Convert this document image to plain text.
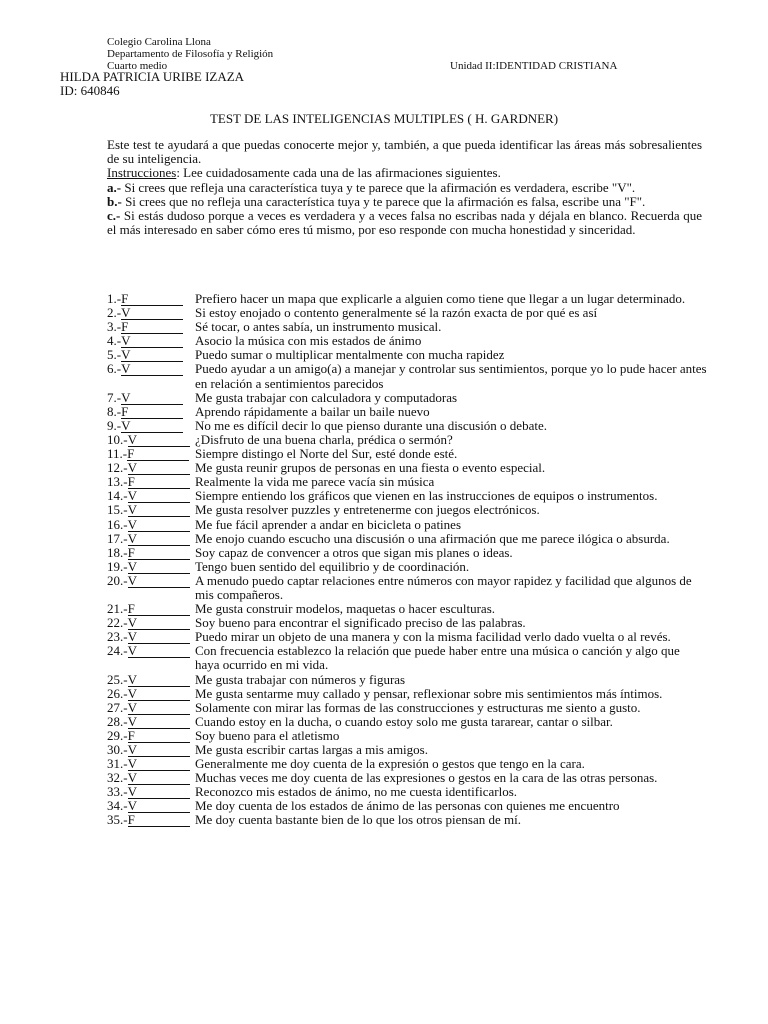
Colegio Carolina Llona
Departamento de Filosofía y Religión
Cuarto medio	Unidad II:IDENTIDAD CRISTIANA
HILDA PATRICIA URIBE IZAZA
ID: 640846
TEST DE LAS INTELIGENCIAS MULTIPLES ( H. GARDNER)

Este test te ayudará a que puedas conocerte mejor y, también, a que pueda identificar las áreas más sobresalientes de su inteligencia.

Instrucciones: Lee cuidadosamente cada una de las afirmaciones siguientes.

a.- Si crees que refleja una característica tuya y te parece que la afirmación es verdadera, escribe "V".

b.- Si crees que no refleja una característica tuya y te parece que la afirmación es falsa, escribe una "F".

c.- Si estás dudoso porque a veces es verdadera y a veces falsa no escribas nada y déjala en blanco. Recuerda que el más interesado en saber cómo eres tú mismo, por eso responde con mucha honestidad y sinceridad.

1.-F	Prefiero hacer un mapa que explicarle a alguien como tiene que llegar a un lugar determinado.
2.-V	Si estoy enojado o contento generalmente sé la razón exacta de por qué es así
3.-F	Sé tocar, o antes sabía, un instrumento musical.
4.-V	Asocio la música con mis estados de ánimo
5.-V	Puedo sumar o multiplicar mentalmente con mucha rapidez
6.-V	Puedo ayudar a un amigo(a) a manejar y controlar sus sentimientos, porque yo lo pude hacer antes en relación a sentimientos parecidos
7.-V	Me gusta trabajar con calculadora y computadoras
8.-F	Aprendo rápidamente a bailar un baile nuevo
9.-V	No me es difícil decir lo que pienso durante una discusión o debate.
10.-V	¿Disfruto de una buena charla, prédica o sermón?
11.-F	Siempre distingo el Norte del Sur, esté donde esté.
12.-V	Me gusta reunir grupos de personas en una fiesta o evento especial.
13.-F	Realmente la vida me parece vacía sin música
14.-V	Siempre entiendo los gráficos que vienen en las instrucciones de equipos o instrumentos.
15.-V	Me gusta resolver puzzles y entretenerme con juegos electrónicos.
16.-V	Me fue fácil aprender a andar en bicicleta o patines
17.-V	Me enojo cuando escucho una discusión o una afirmación que me parece ilógica o absurda.
18.-F	Soy capaz de convencer a otros que sigan mis planes o ideas.
19.-V	Tengo buen sentido del equilibrio y de coordinación.
20.-V	A menudo puedo captar relaciones entre números con mayor rapidez y facilidad que algunos de mis compañeros.
21.-F	Me gusta construir modelos, maquetas o hacer esculturas.
22.-V	Soy bueno para encontrar el significado preciso de las palabras.
23.-V	Puedo mirar un objeto de una manera y con la misma facilidad verlo dado vuelta o al revés.
24.-V	Con frecuencia establezco la relación que puede haber entre una música o canción y algo que haya ocurrido en mi vida.
25.-V	Me gusta trabajar con números y figuras
26.-V	Me gusta sentarme muy callado y pensar, reflexionar sobre mis sentimientos más íntimos.
27.-V	Solamente con mirar las formas de las construcciones y estructuras me siento a gusto.
28.-V	Cuando estoy en la ducha, o cuando estoy solo me gusta tararear, cantar o silbar.
29.-F	Soy bueno para el atletismo
30.-V	Me gusta escribir cartas largas a mis amigos.
31.-V	Generalmente me doy cuenta de la expresión o gestos que tengo en la cara.
32.-V	Muchas veces me doy cuenta de las expresiones o gestos en la cara de las otras personas.
33.-V	Reconozco mis estados de ánimo, no me cuesta identificarlos.
34.-V	Me doy cuenta de los estados de ánimo de las personas con quienes me encuentro
35.-F	Me doy cuenta bastante bien de lo que los otros piensan de mí.
